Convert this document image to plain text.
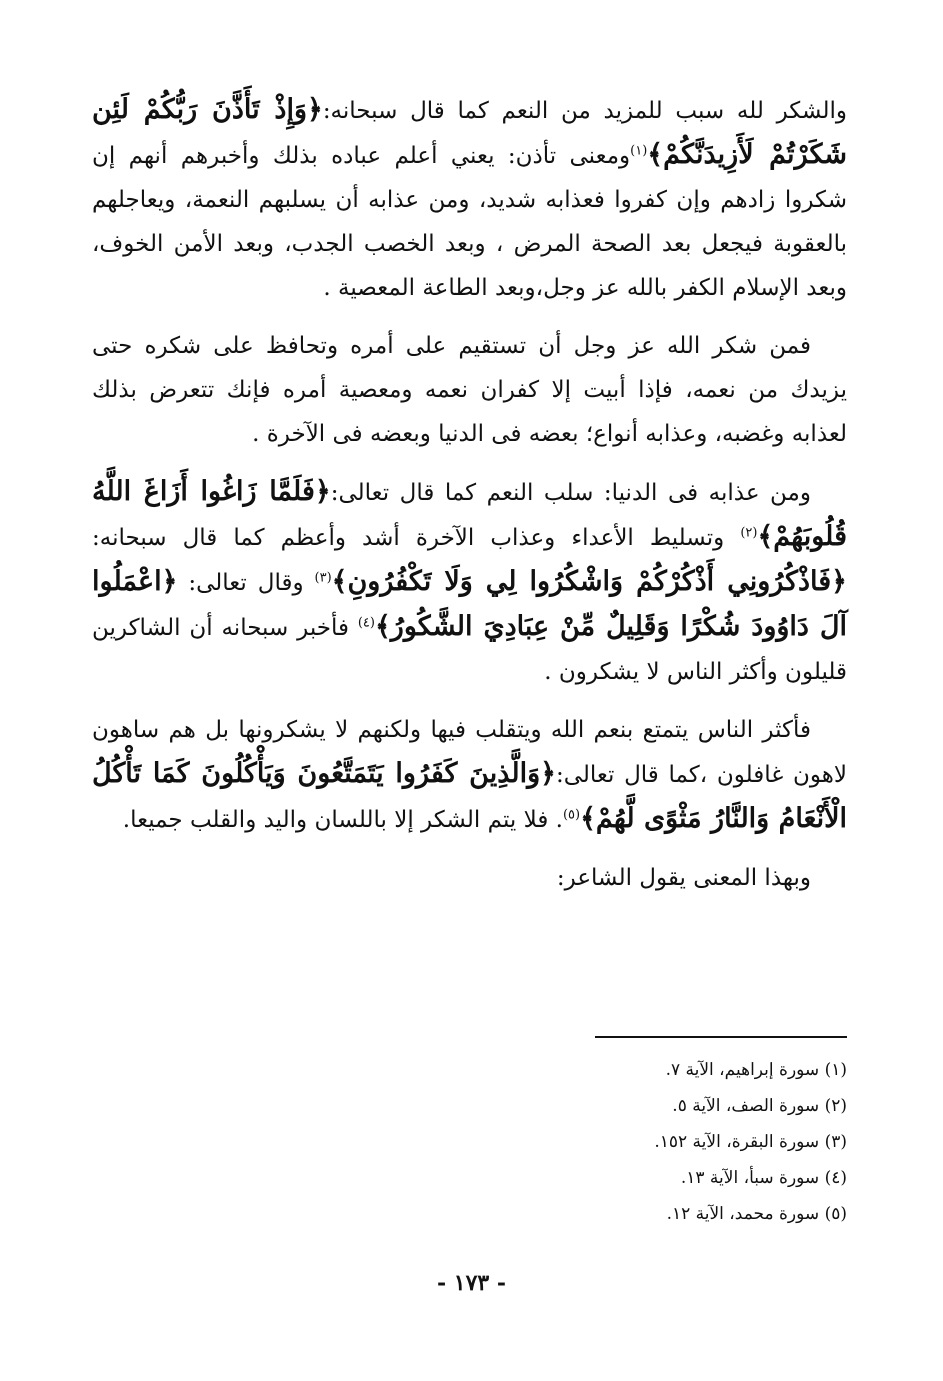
والشكر لله سبب للمزيد من النعم كما قال سبحانه:﴿وَإِذْ تَأَذَّنَ رَبُّكُمْ لَئِن شَكَرْتُمْ لَأَزِيدَنَّكُمْ﴾$^{(١)}$ومعنى تأذن: يعني أعلم عباده بذلك وأخبرهم أنهم إن شكروا زادهم وإن كفروا فعذابه شديد، ومن عذابه أن يسلبهم النعمة، ويعاجلهم بالعقوبة فيجعل بعد الصحة المرض ، وبعد الخصب الجدب، وبعد الأمن الخوف، وبعد الإسلام الكفر بالله عز وجل،وبعد الطاعة المعصية .

فمن شكر الله عز وجل أن تستقيم على أمره وتحافظ على شكره حتى يزيدك من نعمه، فإذا أبيت إلا كفران نعمه ومعصية أمره فإنك تتعرض بذلك لعذابه وغضبه، وعذابه أنواع؛ بعضه فى الدنيا وبعضه فى الآخرة .

ومن عذابه فى الدنيا: سلب النعم كما قال تعالى:﴿فَلَمَّا زَاغُوا أَزَاغَ اللَّهُ قُلُوبَهُمْ﴾$^{(٢)}$ وتسليط الأعداء وعذاب الآخرة أشد وأعظم كما قال سبحانه: ﴿فَاذْكُرُونِي أَذْكُرْكُمْ وَاشْكُرُوا لِي وَلَا تَكْفُرُونِ﴾$^{(٣)}$ وقال تعالى: ﴿اعْمَلُوا آلَ دَاوُودَ شُكْرًا وَقَلِيلٌ مِّنْ عِبَادِيَ الشَّكُورُ﴾$^{(٤)}$ فأخبر سبحانه أن الشاكرين قليلون وأكثر الناس لا يشكرون .

فأكثر الناس يتمتع بنعم الله ويتقلب فيها ولكنهم لا يشكرونها بل هم ساهون لاهون غافلون ،كما قال تعالى:﴿وَالَّذِينَ كَفَرُوا يَتَمَتَّعُونَ وَيَأْكُلُونَ كَمَا تَأْكُلُ الْأَنْعَامُ وَالنَّارُ مَثْوًى لَّهُمْ﴾$^{(٥)}$. فلا يتم الشكر إلا باللسان واليد والقلب جميعا.

وبهذا المعنى يقول الشاعر:

(١) سورة إبراهيم، الآية ٧.
(٢) سورة الصف، الآية ٥.
(٣) سورة البقرة، الآية ١٥٢.
(٤) سورة سبأ، الآية ١٣.
(٥) سورة محمد، الآية ١٢.
- ١٧٣ -
